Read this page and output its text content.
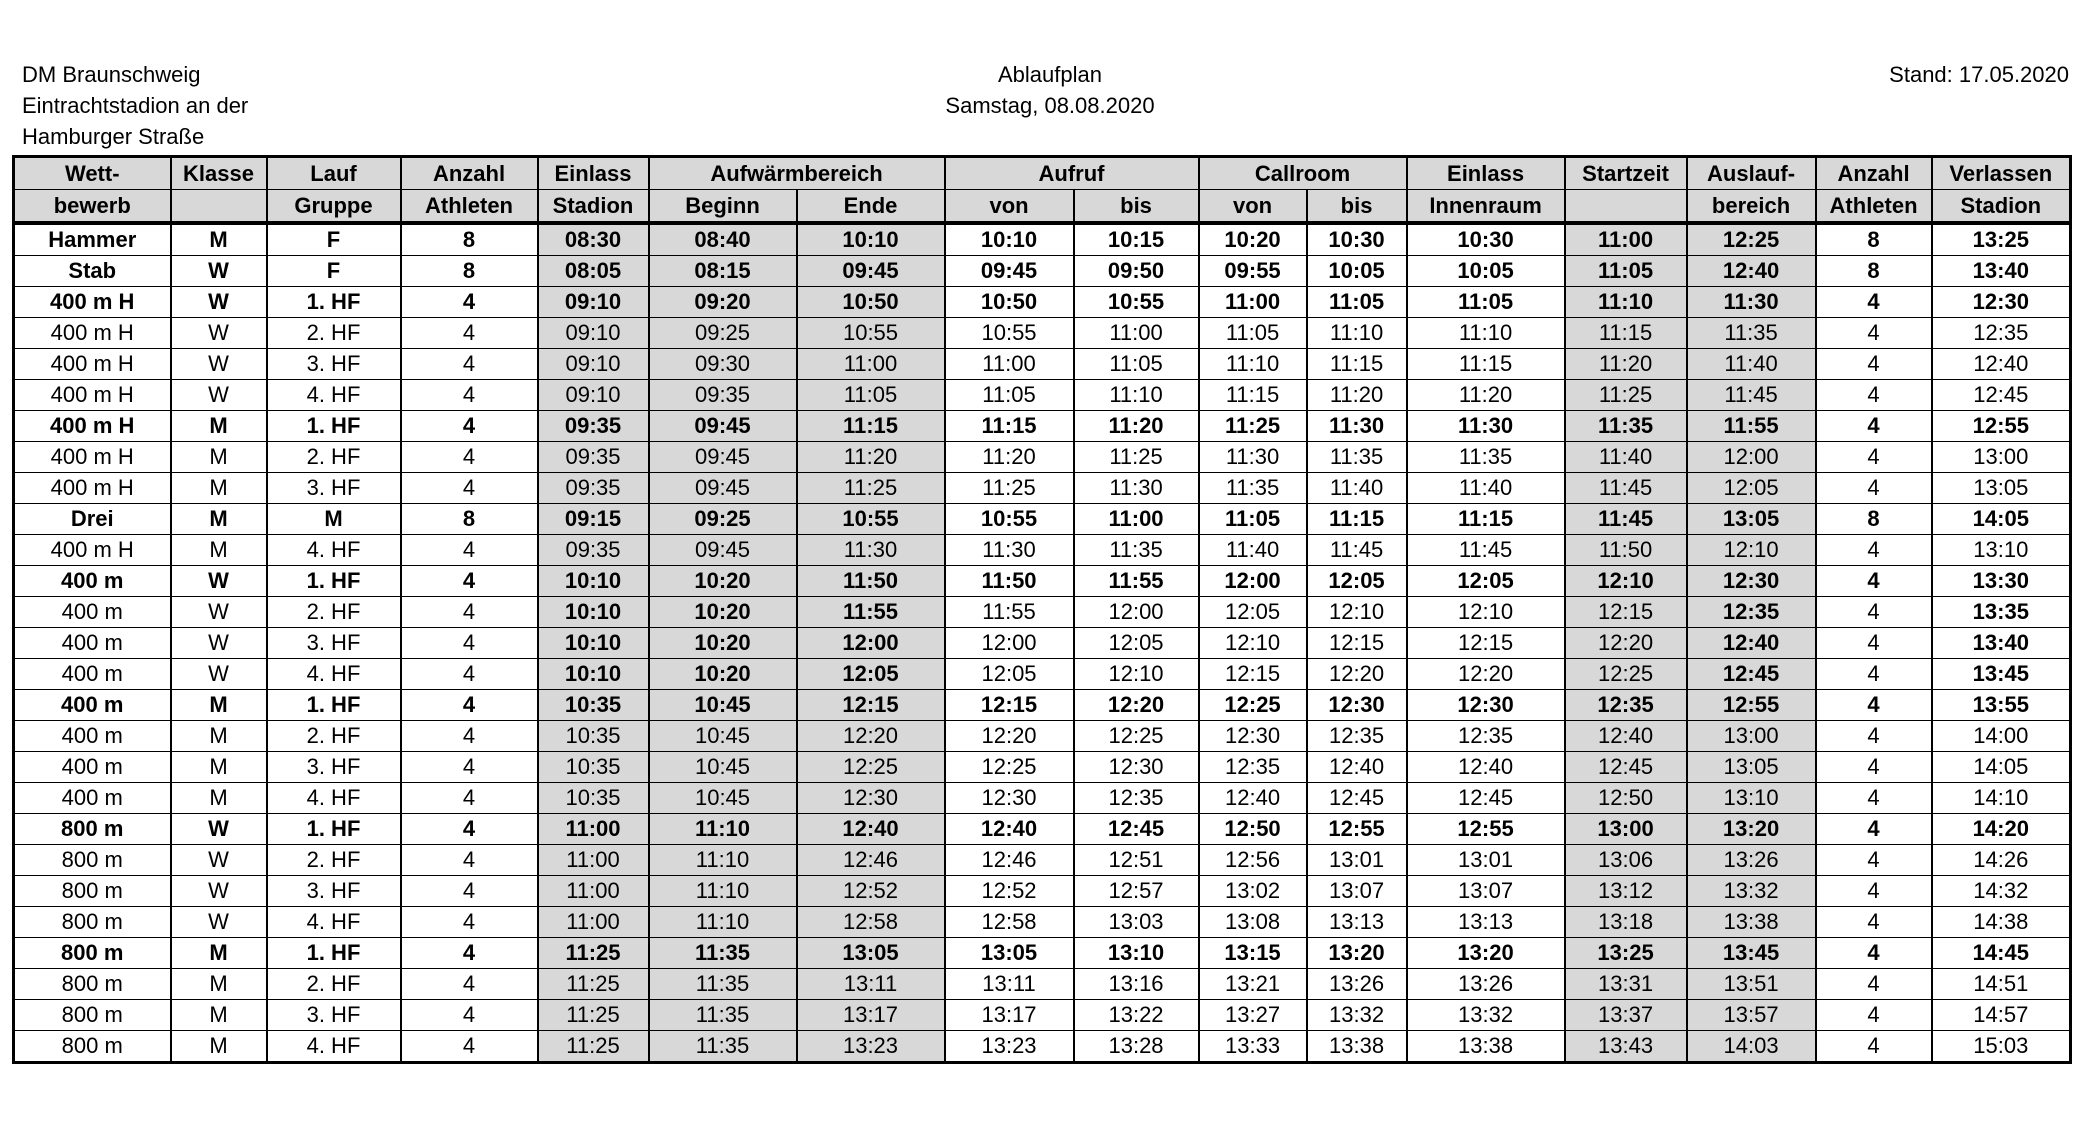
DM Braunschweig
Eintrachtstadion an der
Hamburger Straße
Ablaufplan
Samstag, 08.08.2020
Stand: 17.05.2020
Wett-	Klasse	Lauf	Anzahl	Einlass	Aufwärmbereich		Aufruf		Callroom		Einlass	Startzeit	Auslauf-	Anzahl	Verlassen
bewerb		Gruppe	Athleten	Stadion	Beginn	Ende	von	bis	von	bis	Innenraum		bereich	Athleten	Stadion
Hammer	M	F	8	08:30	08:40	10:10	10:10	10:15	10:20	10:30	10:30	11:00	12:25	8	13:25
Stab	W	F	8	08:05	08:15	09:45	09:45	09:50	09:55	10:05	10:05	11:05	12:40	8	13:40
400 m H	W	1. HF	4	09:10	09:20	10:50	10:50	10:55	11:00	11:05	11:05	11:10	11:30	4	12:30
400 m H	W	2. HF	4	09:10	09:25	10:55	10:55	11:00	11:05	11:10	11:10	11:15	11:35	4	12:35
400 m H	W	3. HF	4	09:10	09:30	11:00	11:00	11:05	11:10	11:15	11:15	11:20	11:40	4	12:40
400 m H	W	4. HF	4	09:10	09:35	11:05	11:05	11:10	11:15	11:20	11:20	11:25	11:45	4	12:45
400 m H	M	1. HF	4	09:35	09:45	11:15	11:15	11:20	11:25	11:30	11:30	11:35	11:55	4	12:55
400 m H	M	2. HF	4	09:35	09:45	11:20	11:20	11:25	11:30	11:35	11:35	11:40	12:00	4	13:00
400 m H	M	3. HF	4	09:35	09:45	11:25	11:25	11:30	11:35	11:40	11:40	11:45	12:05	4	13:05
Drei	M	M	8	09:15	09:25	10:55	10:55	11:00	11:05	11:15	11:15	11:45	13:05	8	14:05
400 m H	M	4. HF	4	09:35	09:45	11:30	11:30	11:35	11:40	11:45	11:45	11:50	12:10	4	13:10
400 m	W	1. HF	4	10:10	10:20	11:50	11:50	11:55	12:00	12:05	12:05	12:10	12:30	4	13:30
400 m	W	2. HF	4	10:10	10:20	11:55	11:55	12:00	12:05	12:10	12:10	12:15	12:35	4	13:35
400 m	W	3. HF	4	10:10	10:20	12:00	12:00	12:05	12:10	12:15	12:15	12:20	12:40	4	13:40
400 m	W	4. HF	4	10:10	10:20	12:05	12:05	12:10	12:15	12:20	12:20	12:25	12:45	4	13:45
400 m	M	1. HF	4	10:35	10:45	12:15	12:15	12:20	12:25	12:30	12:30	12:35	12:55	4	13:55
400 m	M	2. HF	4	10:35	10:45	12:20	12:20	12:25	12:30	12:35	12:35	12:40	13:00	4	14:00
400 m	M	3. HF	4	10:35	10:45	12:25	12:25	12:30	12:35	12:40	12:40	12:45	13:05	4	14:05
400 m	M	4. HF	4	10:35	10:45	12:30	12:30	12:35	12:40	12:45	12:45	12:50	13:10	4	14:10
800 m	W	1. HF	4	11:00	11:10	12:40	12:40	12:45	12:50	12:55	12:55	13:00	13:20	4	14:20
800 m	W	2. HF	4	11:00	11:10	12:46	12:46	12:51	12:56	13:01	13:01	13:06	13:26	4	14:26
800 m	W	3. HF	4	11:00	11:10	12:52	12:52	12:57	13:02	13:07	13:07	13:12	13:32	4	14:32
800 m	W	4. HF	4	11:00	11:10	12:58	12:58	13:03	13:08	13:13	13:13	13:18	13:38	4	14:38
800 m	M	1. HF	4	11:25	11:35	13:05	13:05	13:10	13:15	13:20	13:20	13:25	13:45	4	14:45
800 m	M	2. HF	4	11:25	11:35	13:11	13:11	13:16	13:21	13:26	13:26	13:31	13:51	4	14:51
800 m	M	3. HF	4	11:25	11:35	13:17	13:17	13:22	13:27	13:32	13:32	13:37	13:57	4	14:57
800 m	M	4. HF	4	11:25	11:35	13:23	13:23	13:28	13:33	13:38	13:38	13:43	14:03	4	15:03
